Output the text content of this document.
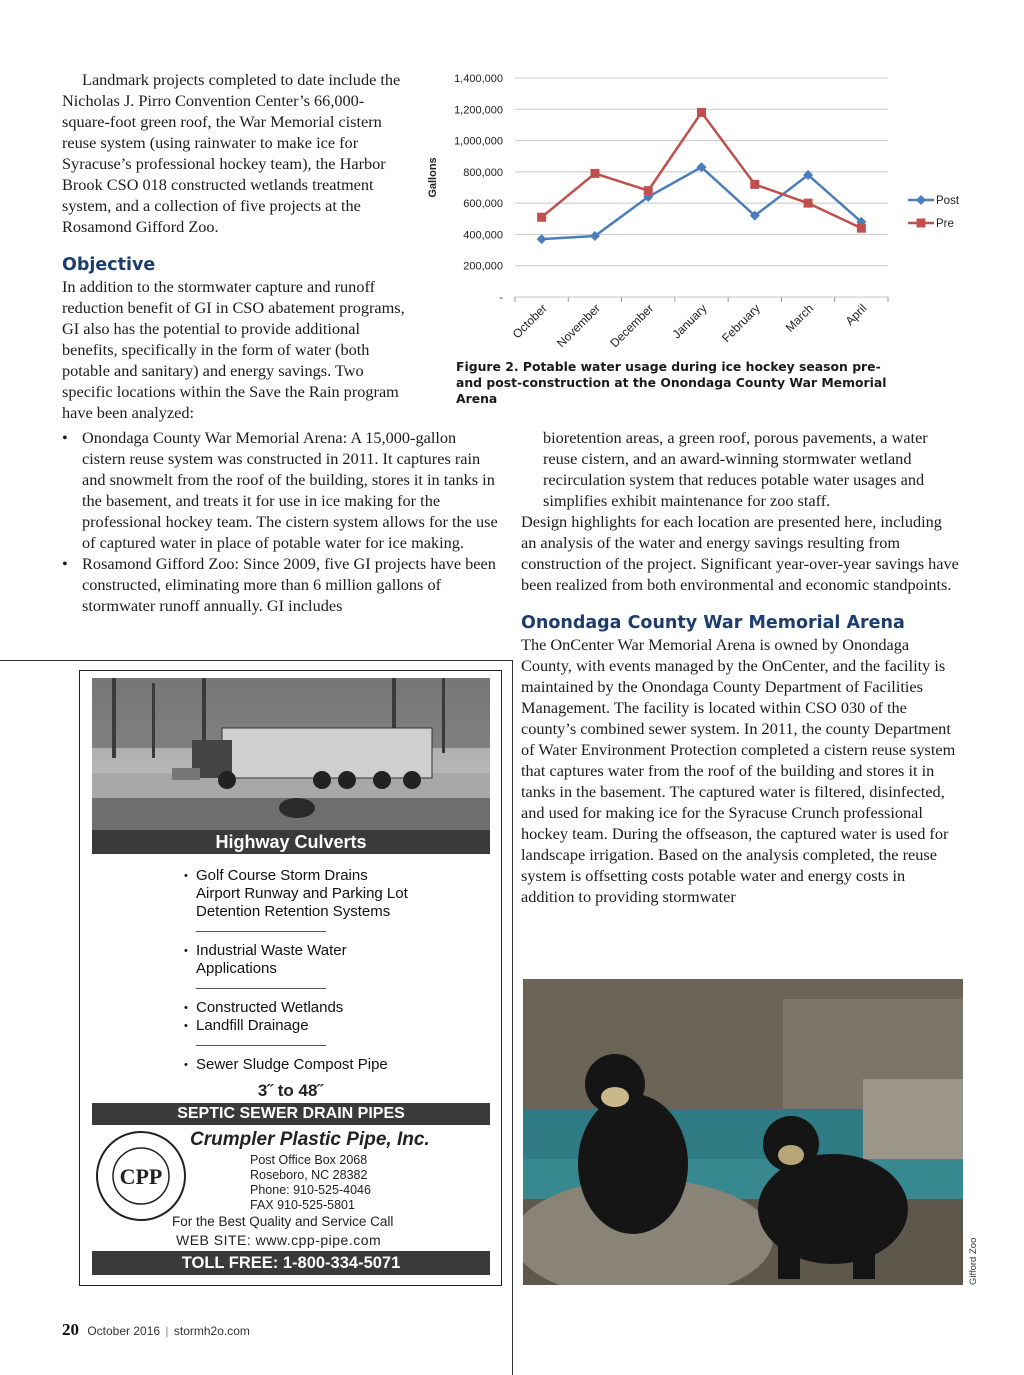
Landmark projects completed to date include the Nicholas J. Pirro Convention Center’s 66,000-square-foot green roof, the War Memorial cistern reuse system (using rainwater to make ice for Syracuse’s professional hockey team), the Harbor Brook CSO 018 constructed wetlands treatment system, and a collection of five projects at the Rosamond Gifford Zoo.

Objective

In addition to the stormwater capture and runoff reduction benefit of GI in CSO abatement programs, GI also has the potential to provide additional benefits, specifically in the form of water (both potable and sanitary) and energy savings. Two specific locations within the Save the Rain program have been analyzed:

• Onondaga County War Memorial Arena: A 15,000-gallon cistern reuse system was constructed in 2011. It captures rain and snowmelt from the roof of the building, stores it in tanks in the basement, and treats it for use in ice making for the professional hockey team. The cistern system allows for the use of captured water in place of potable water for ice making.
• Rosamond Gifford Zoo: Since 2009, five GI projects have been constructed, eliminating more than 6 million gallons of stormwater runoff annually. GI includes
1,400,000
1,200,000
1,000,000
800,000
600,000
400,000
200,000
-
Gallons
October November December January February March April
Post
Pre
Figure 2. Potable water usage during ice hockey season pre- and post-construction at the Onondaga County War Memorial Arena

bioretention areas, a green roof, porous pavements, a water reuse cistern, and an award-winning stormwater wetland recirculation system that reduces potable water usages and simplifies exhibit maintenance for zoo staff.

Design highlights for each location are presented here, including an analysis of the water and energy savings resulting from construction of the project. Significant year-over-year savings have been realized from both environmental and economic standpoints.

Onondaga County War Memorial Arena

The OnCenter War Memorial Arena is owned by Onondaga County, with events managed by the OnCenter, and the facility is maintained by the Onondaga County Department of Facilities Management. The facility is located within CSO 030 of the county’s combined sewer system. In 2011, the county Department of Water Environment Protection completed a cistern reuse system that captures water from the roof of the building and stores it in tanks in the basement. The captured water is filtered, disinfected, and used for making ice for the Syracuse Crunch professional hockey team. During the offseason, the captured water is used for landscape irrigation. Based on the analysis completed, the reuse system is offsetting costs potable water and energy costs in addition to providing stormwater

Highway Culverts
• Golf Course Storm Drains
Airport Runway and Parking Lot
Detention Retention Systems
• Industrial Waste Water
Applications
• Constructed Wetlands
• Landfill Drainage
• Sewer Sludge Compost Pipe
3˝ to 48˝
SEPTIC SEWER DRAIN PIPES
CPP
Crumpler Plastic Pipe, Inc.
Post Office Box 2068
Roseboro, NC 28382
Phone: 910-525-4046
FAX 910-525-5801
For the Best Quality and Service Call
WEB SITE: www.cpp-pipe.com
TOLL FREE: 1-800-334-5071	Gifford Zoo
20 October 2016 | stormh2o.com
